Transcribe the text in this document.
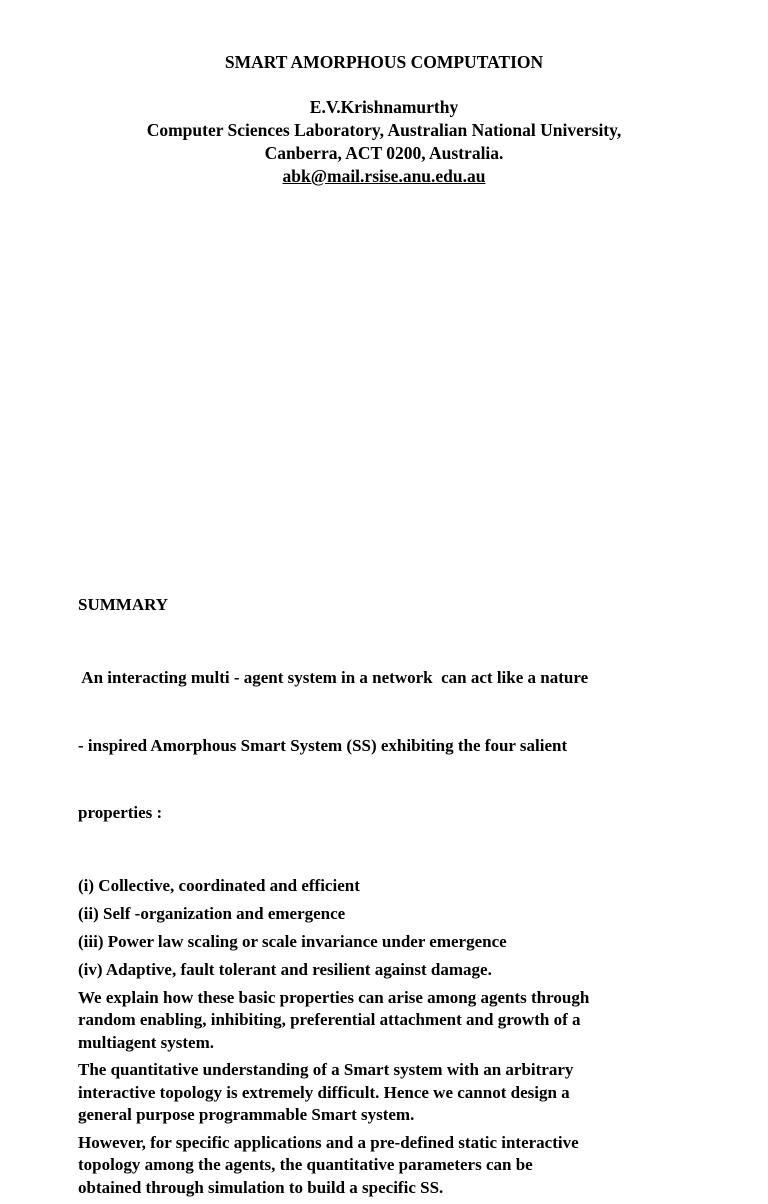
SMART AMORPHOUS COMPUTATION

E.V.Krishnamurthy

Computer Sciences Laboratory, Australian National University,

Canberra, ACT 0200, Australia.

abk@mail.rsise.anu.edu.au

SUMMARY

An interacting multi - agent system in a network  can act like a nature

- inspired Amorphous Smart System (SS) exhibiting the four salient

properties :

(i) Collective, coordinated and efficient

(ii) Self -organization and emergence

(iii) Power law scaling or scale invariance under emergence

(iv) Adaptive, fault tolerant and resilient against damage.

We explain how these basic properties can arise among agents through
random enabling, inhibiting, preferential attachment and growth of a
multiagent system.

The quantitative understanding of a Smart system with an arbitrary
interactive topology is extremely difficult. Hence we cannot design a
general purpose programmable Smart system.

However, for specific applications and a pre-defined static interactive
topology among the agents, the quantitative parameters can be
obtained through simulation to build a specific SS.
